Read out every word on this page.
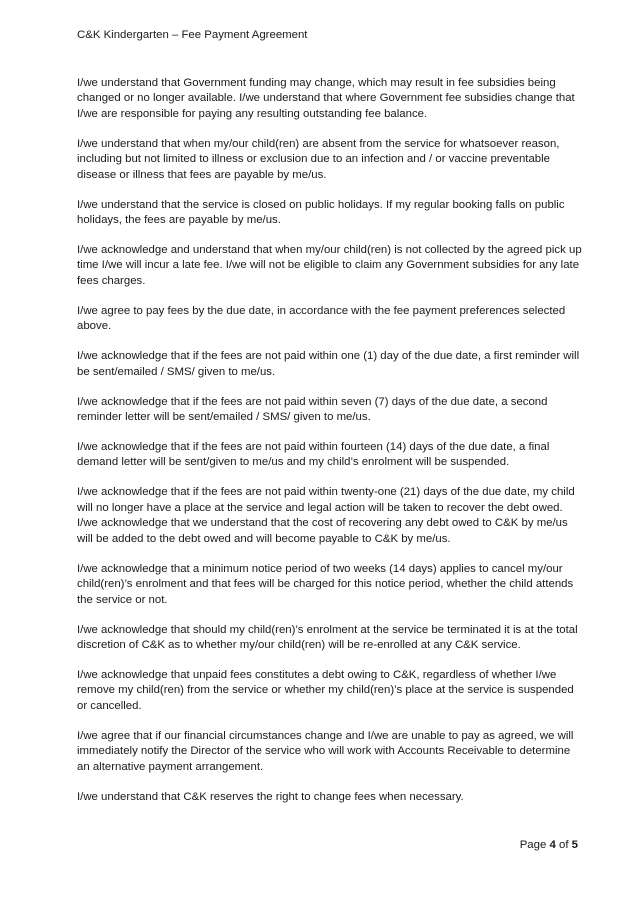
C&K Kindergarten – Fee Payment Agreement

I/we understand that Government funding may change, which may result in fee subsidies being changed or no longer available. I/we understand that where Government fee subsidies change that I/we are responsible for paying any resulting outstanding fee balance.

I/we understand that when my/our child(ren) are absent from the service for whatsoever reason, including but not limited to illness or exclusion due to an infection and / or vaccine preventable disease or illness that fees are payable by me/us.

I/we understand that the service is closed on public holidays. If my regular booking falls on public holidays, the fees are payable by me/us.

I/we acknowledge and understand that when my/our child(ren) is not collected by the agreed pick up time I/we will incur a late fee. I/we will not be eligible to claim any Government subsidies for any late fees charges.

I/we agree to pay fees by the due date, in accordance with the fee payment preferences selected above.

I/we acknowledge that if the fees are not paid within one (1) day of the due date, a first reminder will be sent/emailed / SMS/ given to me/us.

I/we acknowledge that if the fees are not paid within seven (7) days of the due date, a second reminder letter will be sent/emailed / SMS/ given to me/us.

I/we acknowledge that if the fees are not paid within fourteen (14) days of the due date, a final demand letter will be sent/given to me/us and my child’s enrolment will be suspended.

I/we acknowledge that if the fees are not paid within twenty-one (21) days of the due date, my child will no longer have a place at the service and legal action will be taken to recover the debt owed. I/we acknowledge that we understand that the cost of recovering any debt owed to C&K by me/us will be added to the debt owed and will become payable to C&K by me/us.

I/we acknowledge that a minimum notice period of two weeks (14 days) applies to cancel my/our child(ren)’s enrolment and that fees will be charged for this notice period, whether the child attends the service or not.

I/we acknowledge that should my child(ren)’s enrolment at the service be terminated it is at the total discretion of C&K as to whether my/our child(ren) will be re-enrolled at any C&K service.

I/we acknowledge that unpaid fees constitutes a debt owing to C&K, regardless of whether I/we remove my child(ren) from the service or whether my child(ren)’s place at the service is suspended or cancelled.

I/we agree that if our financial circumstances change and I/we are unable to pay as agreed, we will immediately notify the Director of the service who will work with Accounts Receivable to determine an alternative payment arrangement.

I/we understand that C&K reserves the right to change fees when necessary.

Page 4 of 5
